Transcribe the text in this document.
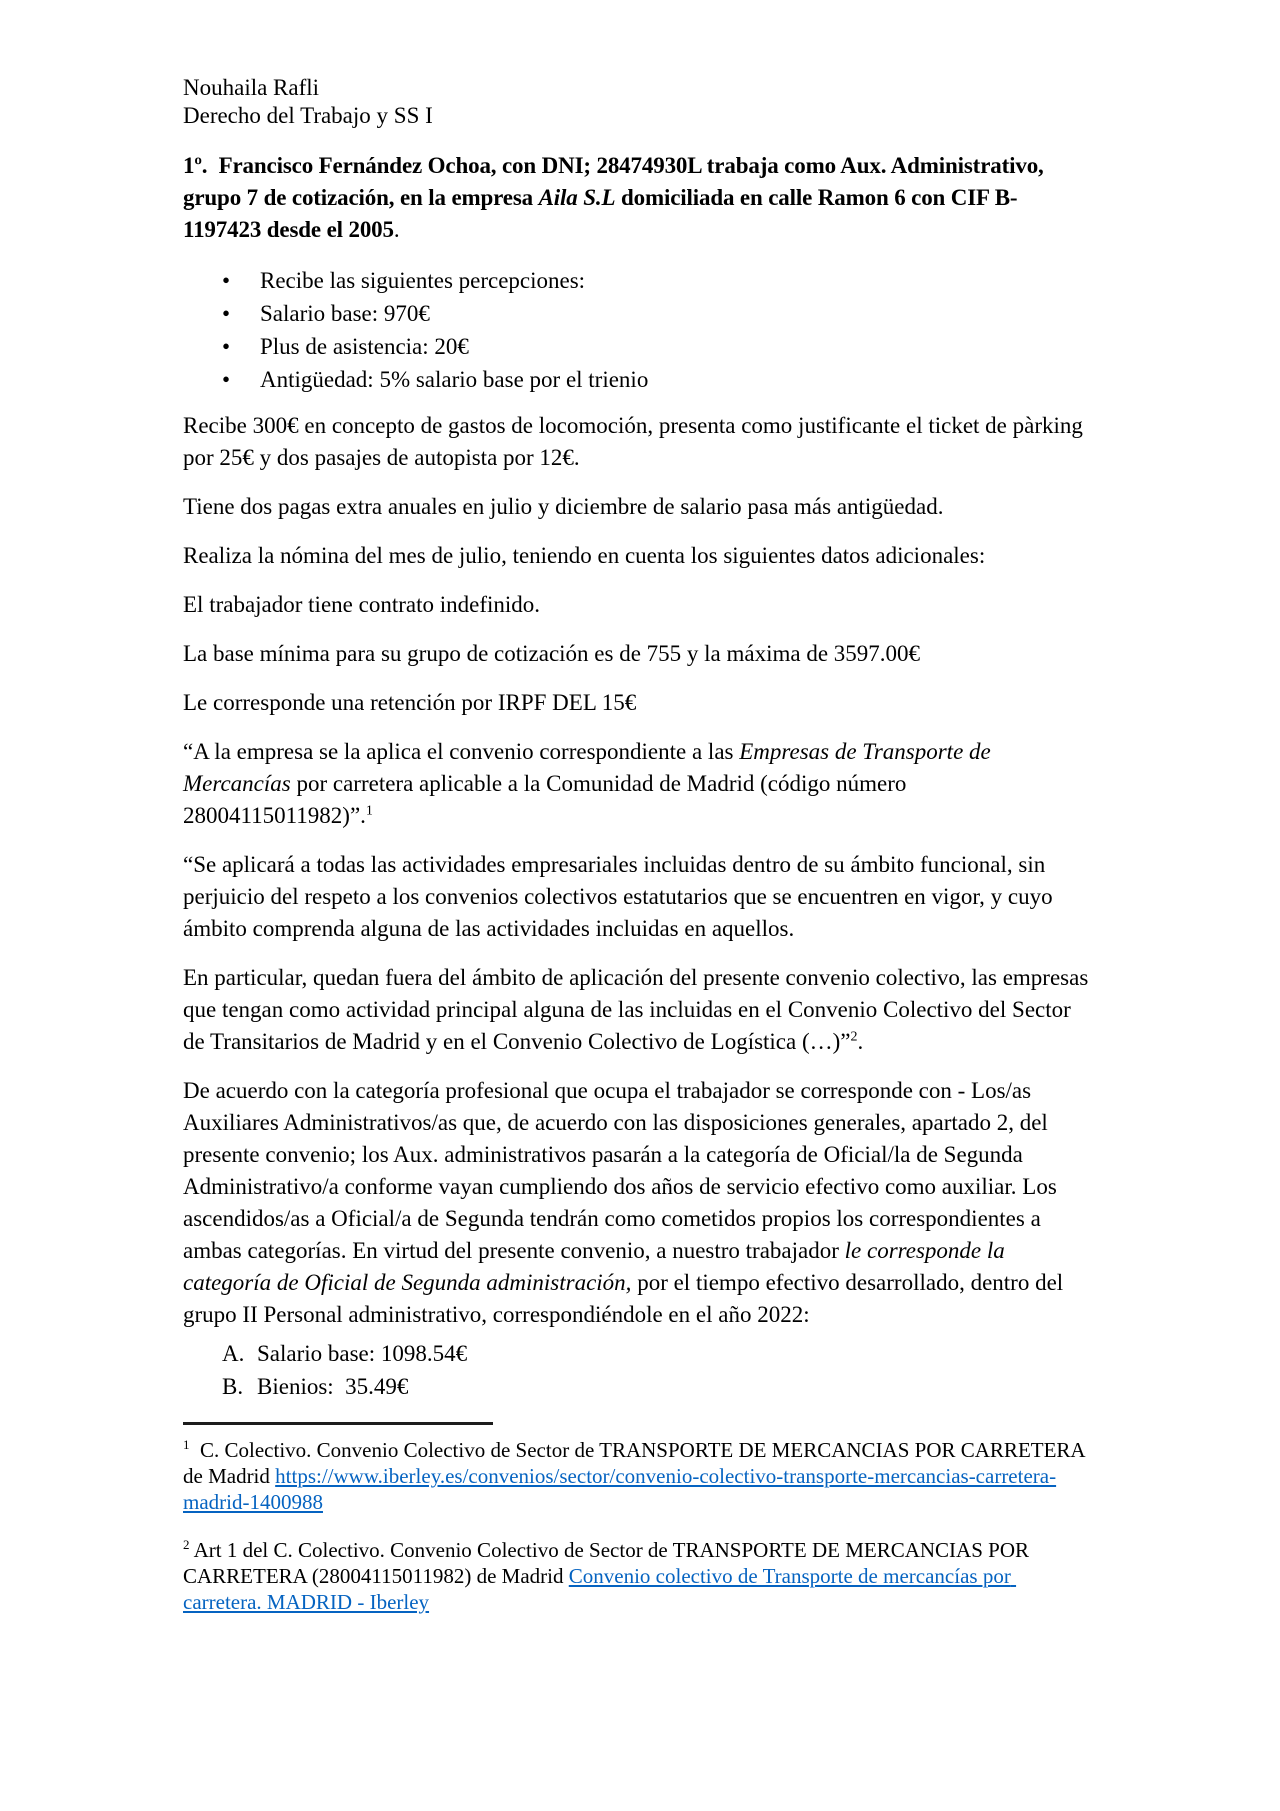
Nouhaila Rafli

Derecho del Trabajo y SS I

1º.  Francisco Fernández Ochoa, con DNI; 28474930L trabaja como Aux. Administrativo, grupo 7 de cotización, en la empresa Aila S.L domiciliada en calle Ramon 6 con CIF B-1197423 desde el 2005.

•	Recibe las siguientes percepciones:
•	Salario base: 970€
•	Plus de asistencia: 20€
•	Antigüedad: 5% salario base por el trienio

Recibe 300€ en concepto de gastos de locomoción, presenta como justificante el ticket de pàrking por 25€ y dos pasajes de autopista por 12€.

Tiene dos pagas extra anuales en julio y diciembre de salario pasa más antigüedad.

Realiza la nómina del mes de julio, teniendo en cuenta los siguientes datos adicionales:

El trabajador tiene contrato indefinido.

La base mínima para su grupo de cotización es de 755 y la máxima de 3597.00€

Le corresponde una retención por IRPF DEL 15€

“A la empresa se la aplica el convenio correspondiente a las Empresas de Transporte de Mercancías por carretera aplicable a la Comunidad de Madrid (código número 28004115011982)”.$^1$

“Se aplicará a todas las actividades empresariales incluidas dentro de su ámbito funcional, sin perjuicio del respeto a los convenios colectivos estatutarios que se encuentren en vigor, y cuyo ámbito comprenda alguna de las actividades incluidas en aquellos.

En particular, quedan fuera del ámbito de aplicación del presente convenio colectivo, las empresas que tengan como actividad principal alguna de las incluidas en el Convenio Colectivo del Sector de Transitarios de Madrid y en el Convenio Colectivo de Logística (…)”$^2$.

De acuerdo con la categoría profesional que ocupa el trabajador se corresponde con - Los/as Auxiliares Administrativos/as que, de acuerdo con las disposiciones generales, apartado 2, del presente convenio; los Aux. administrativos pasarán a la categoría de Oficial/la de Segunda Administrativo/a conforme vayan cumpliendo dos años de servicio efectivo como auxiliar. Los ascendidos/as a Oficial/a de Segunda tendrán como cometidos propios los correspondientes a ambas categorías. En virtud del presente convenio, a nuestro trabajador le corresponde la categoría de Oficial de Segunda administración, por el tiempo efectivo desarrollado, dentro del grupo II Personal administrativo, correspondiéndole en el año 2022:

A. Salario base: 1098.54€
B. Bienios:  35.49€

$^1$  C. Colectivo. Convenio Colectivo de Sector de TRANSPORTE DE MERCANCIAS POR CARRETERA de Madrid https://www.iberley.es/convenios/sector/convenio-colectivo-transporte-mercancias-carretera-madrid-1400988

$^2$ Art 1 del C. Colectivo. Convenio Colectivo de Sector de TRANSPORTE DE MERCANCIAS POR CARRETERA (28004115011982) de Madrid Convenio colectivo de Transporte de mercancías por carretera. MADRID - Iberley
